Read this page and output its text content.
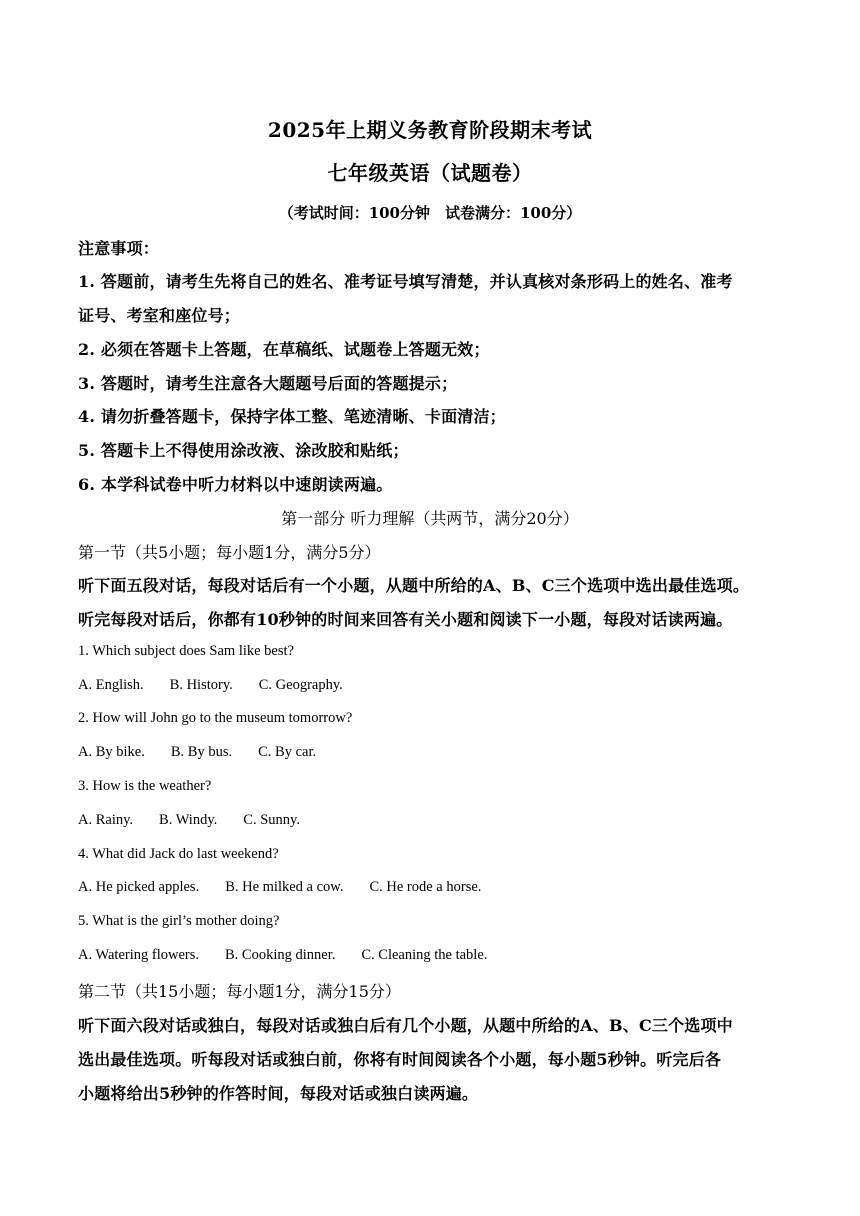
2025年上期义务教育阶段期末考试
七年级英语（试题卷）
（考试时间：100分钟　试卷满分：100分）
注意事项：
1. 答题前，请考生先将自己的姓名、准考证号填写清楚，并认真核对条形码上的姓名、准考
证号、考室和座位号；
2. 必须在答题卡上答题，在草稿纸、试题卷上答题无效；
3. 答题时，请考生注意各大题题号后面的答题提示；
4. 请勿折叠答题卡，保持字体工整、笔迹清晰、卡面清洁；
5. 答题卡上不得使用涂改液、涂改胶和贴纸；
6. 本学科试卷中听力材料以中速朗读两遍。
第一部分 听力理解（共两节，满分20分）
第一节（共5小题；每小题1分，满分5分）
听下面五段对话，每段对话后有一个小题，从题中所给的A、B、C三个选项中选出最佳选项。
听完每段对话后，你都有10秒钟的时间来回答有关小题和阅读下一小题，每段对话读两遍。
1. Which subject does Sam like best?
A. English. B. History. C. Geography.
2. How will John go to the museum tomorrow?
A. By bike. B. By bus. C. By car.
3. How is the weather?
A. Rainy. B. Windy. C. Sunny.
4. What did Jack do last weekend?
A. He picked apples. B. He milked a cow. C. He rode a horse.
5. What is the girl’s mother doing?
A. Watering flowers. B. Cooking dinner. C. Cleaning the table.
第二节（共15小题；每小题1分，满分15分）
听下面六段对话或独白，每段对话或独白后有几个小题，从题中所给的A、B、C三个选项中
选出最佳选项。听每段对话或独白前，你将有时间阅读各个小题，每小题5秒钟。听完后各
小题将给出5秒钟的作答时间，每段对话或独白读两遍。
